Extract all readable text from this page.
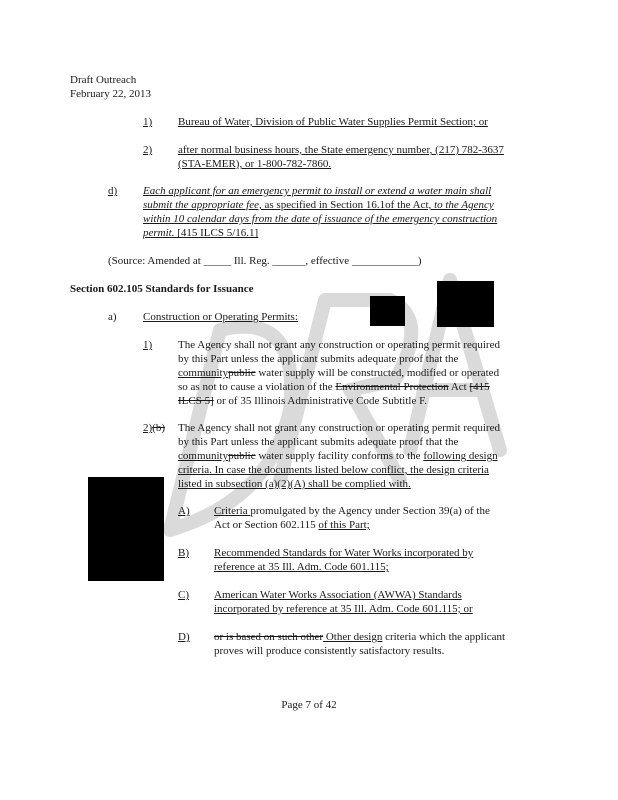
Draft Outreach
February 22, 2013
1) Bureau of Water, Division of Public Water Supplies Permit Section; or
2) after normal business hours, the State emergency number, (217) 782-3637
(STA-EMER), or 1-800-782-7860.
d) Each applicant for an emergency permit to install or extend a water main shall
submit the appropriate fee, as specified in Section 16.1of the Act, to the Agency
within 10 calendar days from the date of issuance of the emergency construction
permit. [415 ILCS 5/16.1]
(Source: Amended at _____ Ill. Reg. ______, effective ____________)
Section 602.105 Standards for Issuance
a) Construction or Operating Permits:
1) The Agency shall not grant any construction or operating permit required
by this Part unless the applicant submits adequate proof that the
communitypublic water supply will be constructed, modified or operated
so as not to cause a violation of the Environmental Protection Act [415
ILCS 5] or of 35 Illinois Administrative Code Subtitle F.
2)(b) The Agency shall not grant any construction or operating permit required
by this Part unless the applicant submits adequate proof that the
communitypublic water supply facility conforms to the following design
criteria. In case the documents listed below conflict, the design criteria
listed in subsection (a)(2)(A) shall be complied with.
A) Criteria promulgated by the Agency under Section 39(a) of the
Act or Section 602.115 of this Part;
B) Recommended Standards for Water Works incorporated by
reference at 35 Ill. Adm. Code 601.115;
C) American Water Works Association (AWWA) Standards
incorporated by reference at 35 Ill. Adm. Code 601.115; or
D) or is based on such other Other design criteria which the applicant
proves will produce consistently satisfactory results.
Page 7 of 42
